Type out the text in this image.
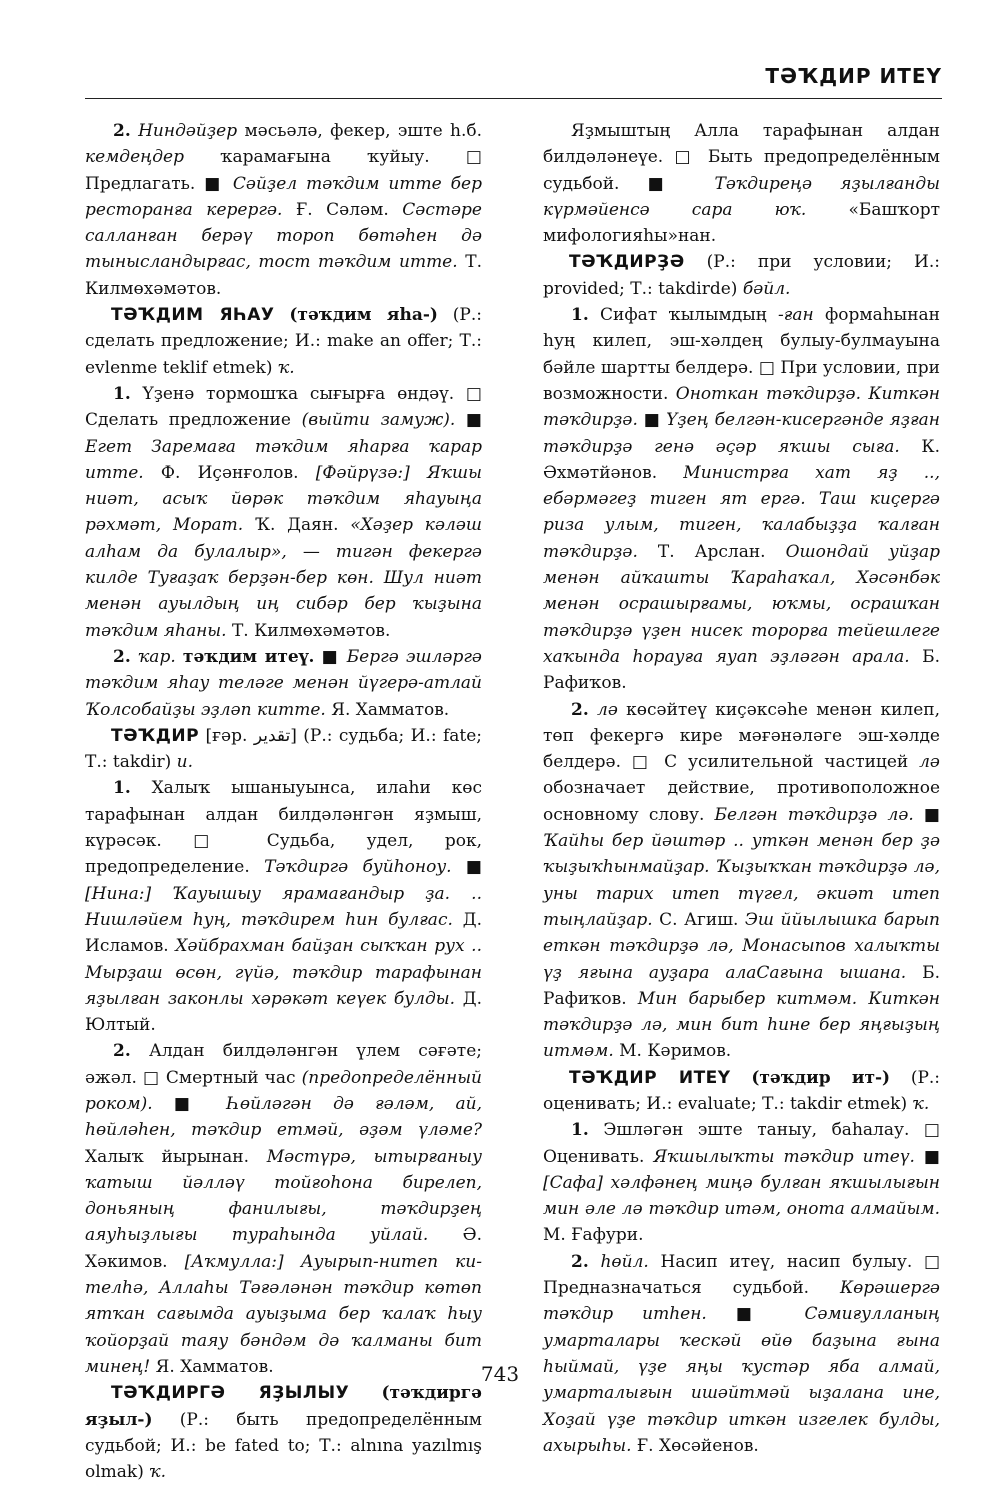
ТӘҠДИР ИТЕҮ

2. Ниндәйҙер мәсьәлә, фекер, эште һ.б. кемдеңдер ҡарамағына ҡуйыу. □ Предлагать. ■ Сәйҙел тәҡдим итте бер ресторанға керергә. Ғ. Сәләм. Сәстәре салланған берәү тороп бөтәһен дә тынысландырғас, тост тәҡдим итте. Т. Килмөхәмәтов.

ТӘҠДИМ ЯҺАУ (тәҡдим яһа-) (Р.: сделать предложение; И.: make an offer; Т.: evlenme teklif etmek) ҡ.

1. Үҙенә тормошҡа сығырға өндәү. □ Сделать предложение (выйти замуж). ■ Егет Заремаға тәҡдим яһарға ҡарар итте. Ф. Иҫәнғолов. [Фәйрүзә:] Яҡшы ниәт, асыҡ йөрәк тәҡдим яһауыңа рәхмәт, Морат. Ҡ. Даян. «Хәҙер кәләш алһам да булалыр», — тигән фекергә килде Туғаҙаҡ берҙән-бер көн. Шул ниәт менән ауылдың иң сибәр бер ҡыҙына тәҡдим яһаны. Т. Килмөхәмәтов.

2. ҡар. тәҡдим итеү. ■ Бергә эшләргә тәҡдим яһау теләге менән йүгерә-атлай Ҡолсобайҙы эҙләп китте. Я. Хамматов.

ТӘҠДИР [ғәр. تقدير] (Р.: судьба; И.: fate; Т.: takdir) и.

1. Халыҡ ышаныуынса, илаһи көс тарафынан алдан билдәләнгән яҙмыш, күрәсәк. □ Судьба, удел, рок, предопределение. Тәҡдиргә буйһоноу. ■ [Нина:] Ҡауышыу ярамағандыр ҙа. .. Нишләйем һуң, тәҡдирем һин булғас. Д. Исламов. Хәйбрахман байҙан сыҡҡан рух .. Мырҙаш өсөн, гүйә, тәҡдир тарафынан яҙылған законлы хәрәкәт кеүек булды. Д. Юлтый.

2. Алдан билдәләнгән үлем сәғәте; әжәл. □ Смертный час (предопределённый роком). ■ Һөйләгән дә ғәләм, ай, һөйләһен, тәҡдир етмәй, әҙәм үләме? Халыҡ йырынан. Мәстүрә, ытырғаныу ҡатыш йәлләү тойғоһона бирелеп, доньяның фанилығы, тәҡдирҙең аяуһыҙлығы тураһында уйлай. Ә. Хәкимов. [Аҡмулла:] Ауырып-нитеп ки-телһә, Аллаһы Тәғәләнән тәҡдир көтөп ятҡан сағымда ауыҙыма бер ҡалаҡ һыу ҡойорҙай таяу бәндәм дә ҡалманы бит минең! Я. Хамматов.

ТӘҠДИРГӘ ЯҘЫЛЫУ (тәҡдиргә яҙыл-) (Р.: быть предопределённым судьбой; И.: be fated to; Т.: alnına yazılmış olmak) ҡ.

Яҙмыштың Алла тарафынан алдан билдәләнеүе. □ Быть предопределённым судьбой. ■ Тәҡдиреңә яҙылғанды күрмәйенсә сара юҡ. «Башҡорт мифологияһы»нан.

ТӘҠДИРҘӘ (Р.: при условии; И.: provided; Т.: takdirde) бәйл.

1. Сифат ҡылымдың -ған формаһынан һуң килеп, эш-хәлдең булыу-булмауына бәйле шартты белдерә. □ При условии, при возможности. Оноткан тәҡдирҙә. Киткән тәҡдирҙә. ■ Үҙең белгән-кисергәнде яҙған тәҡдирҙә генә әҫәр яҡшы сыға. К. Әхмәтйәнов. Министрға хат яҙ .., ебәрмәгеҙ тиген ят ергә. Таш киҫергә риза улым, тиген, ҡалабыҙҙа ҡалған тәҡдирҙә. Т. Арслан. Ошондай уйҙар менән айҡашты Ҡараһаҡал, Хәсәнбәк менән осрашырғамы, юҡмы, осрашҡан тәҡдирҙә үҙен нисек торорға тейешлеге хаҡында һорауға яуап эҙләгән арала. Б. Рафиҡов.

2. лә көсәйтеү киҫәксәһе менән килеп, төп фекергә кире мәғәнәләге эш-хәлде белдерә. □ С усилительной частицей лә обозначает действие, противоположное основному слову. Белгән тәҡдирҙә лә. ■ Ҡайһы бер йәштәр .. уткән менән бер ҙә ҡыҙыҡһынмайҙар. Ҡыҙыҡҡан тәҡдирҙә лә, уны тарих итеп түгел, әкиәт итеп тыңлайҙар. С. Агиш. Эш ййылышка барып еткән тәҡдирҙә лә, Монасыпов халыҡты үҙ яғына ауҙара алаСағына ышана. Б. Рафиҡов. Мин барыбер китмәм. Киткән тәҡдирҙә лә, мин бит һине бер яңғыҙың итмәм. М. Кәримов.

ТӘҠДИР ИТЕҮ (тәҡдир ит-) (Р.: оценивать; И.: evaluate; Т.: takdir etmek) ҡ.

1. Эшләгән эште таныу, баһалау. □ Оценивать. Яҡшылыҡты тәҡдир итеү. ■ [Сафа] хәлфәнең миңә булған яҡшылығын мин әле лә тәҡдир итәм, онота алмайым. М. Ғафури.

2. һөйл. Насип итеү, насип булыу. □ Предназначаться судьбой. Көрәшергә тәҡдир итһен. ■ Сәмиғулланың умарталары ҡескәй өйө баҙына ғына һыймай, үҙе яңы ҡустәр яба алмай, умарталығын ишәйтмәй ыҙалана ине, Хоҙай үҙе тәҡдир иткән изгелек булды, ахырыһы. Ғ. Хөсәйенов.

743
